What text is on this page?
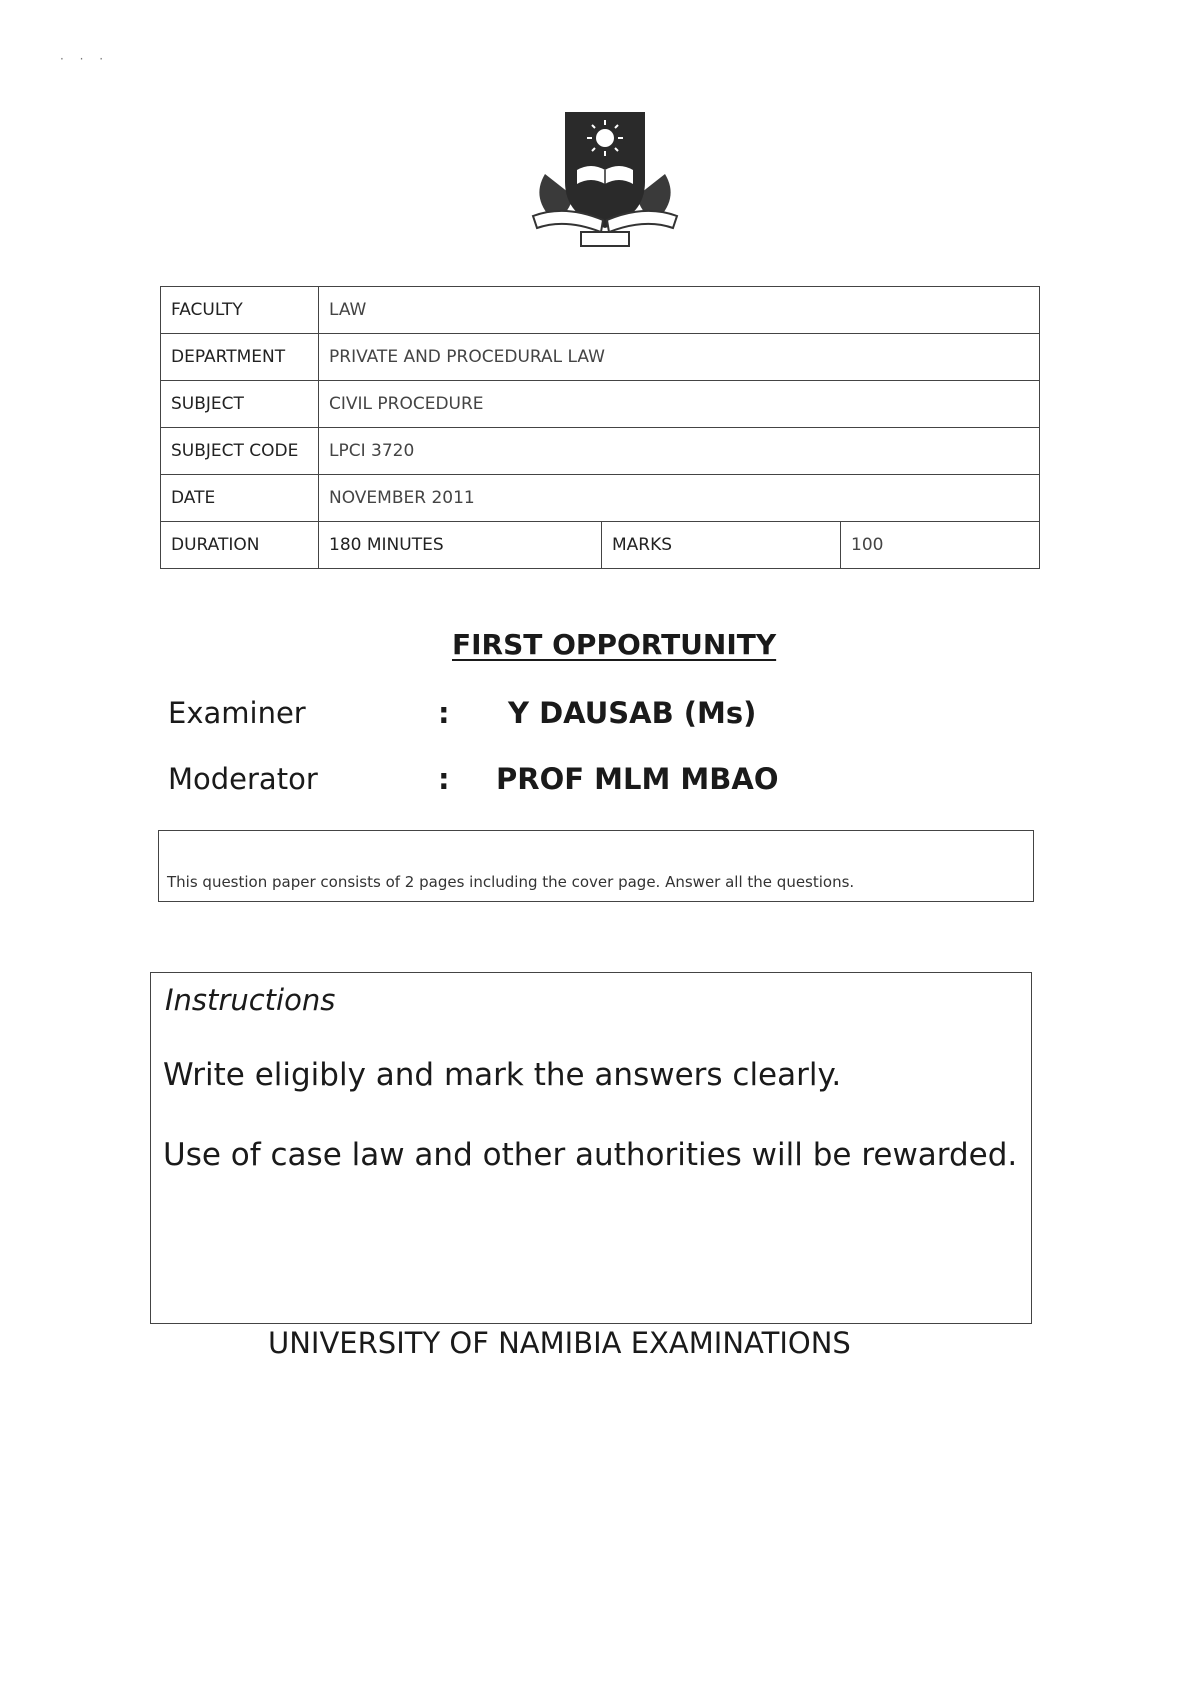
· · ·
FACULTY	LAW		
DEPARTMENT	PRIVATE AND PROCEDURAL LAW		
SUBJECT	CIVIL PROCEDURE		
SUBJECT CODE	LPCI 3720		
DATE	NOVEMBER 2011		
DURATION	180 MINUTES	MARKS	100
FIRST OPPORTUNITY
Examiner	: Y DAUSAB (Ms)
Moderator	: PROF MLM MBAO
This question paper consists of 2 pages including the cover page. Answer all the questions.
Instructions
Write eligibly and mark the answers clearly.
Use of case law and other authorities will be rewarded.
UNIVERSITY OF NAMIBIA EXAMINATIONS
